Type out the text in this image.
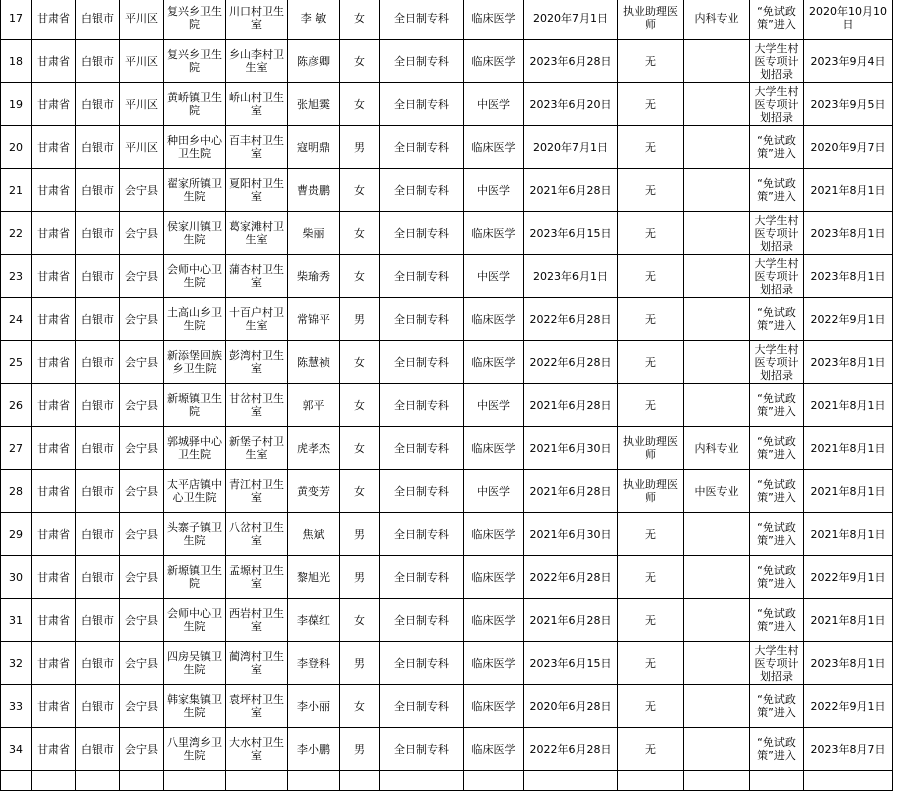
17	甘肃省	白银市	平川区	复兴乡卫生院	川口村卫生室	李 敏	女	全日制专科	临床医学	2020年7月1日	执业助理医师	内科专业	“免试政策”进入	2020年10月10日
18	甘肃省	白银市	平川区	复兴乡卫生院	乡山李村卫生室	陈彦卿	女	全日制专科	临床医学	2023年6月28日	无		大学生村医专项计划招录	2023年9月4日
19	甘肃省	白银市	平川区	黄峤镇卫生院	峤山村卫生室	张旭霙	女	全日制专科	中医学	2023年6月20日	无		大学生村医专项计划招录	2023年9月5日
20	甘肃省	白银市	平川区	种田乡中心卫生院	百丰村卫生室	寇明鼎	男	全日制专科	临床医学	2020年7月1日	无		“免试政策”进入	2020年9月7日
21	甘肃省	白银市	会宁县	翟家所镇卫生院	夏阳村卫生室	曹贵鹏	女	全日制专科	中医学	2021年6月28日	无		“免试政策”进入	2021年8月1日
22	甘肃省	白银市	会宁县	侯家川镇卫生院	葛家滩村卫生室	柴丽	女	全日制专科	临床医学	2023年6月15日	无		大学生村医专项计划招录	2023年8月1日
23	甘肃省	白银市	会宁县	会师中心卫生院	蒲杏村卫生室	柴瑜秀	女	全日制专科	中医学	2023年6月1日	无		大学生村医专项计划招录	2023年8月1日
24	甘肃省	白银市	会宁县	土高山乡卫生院	十百户村卫生室	常锦平	男	全日制专科	临床医学	2022年6月28日	无		“免试政策”进入	2022年9月1日
25	甘肃省	白银市	会宁县	新添堡回族乡卫生院	彭湾村卫生室	陈慧祯	女	全日制专科	临床医学	2022年6月28日	无		大学生村医专项计划招录	2023年8月1日
26	甘肃省	白银市	会宁县	新塬镇卫生院	甘岔村卫生室	郭平	女	全日制专科	中医学	2021年6月28日	无		“免试政策”进入	2021年8月1日
27	甘肃省	白银市	会宁县	郭城驿中心卫生院	新堡子村卫生室	虎孝杰	女	全日制专科	临床医学	2021年6月30日	执业助理医师	内科专业	“免试政策”进入	2021年8月1日
28	甘肃省	白银市	会宁县	太平店镇中心卫生院	青江村卫生室	黄变芳	女	全日制专科	中医学	2021年6月28日	执业助理医师	中医专业	“免试政策”进入	2021年8月1日
29	甘肃省	白银市	会宁县	头寨子镇卫生院	八岔村卫生室	焦斌	男	全日制专科	临床医学	2021年6月30日	无		“免试政策”进入	2021年8月1日
30	甘肃省	白银市	会宁县	新塬镇卫生院	孟塬村卫生室	黎旭光	男	全日制专科	临床医学	2022年6月28日	无		“免试政策”进入	2022年9月1日
31	甘肃省	白银市	会宁县	会师中心卫生院	西岩村卫生室	李葆红	女	全日制专科	临床医学	2021年6月28日	无		“免试政策”进入	2021年8月1日
32	甘肃省	白银市	会宁县	四房吴镇卫生院	蔺湾村卫生室	李登科	男	全日制专科	临床医学	2023年6月15日	无		大学生村医专项计划招录	2023年8月1日
33	甘肃省	白银市	会宁县	韩家集镇卫生院	袁坪村卫生室	李小丽	女	全日制专科	临床医学	2020年6月28日	无		“免试政策”进入	2022年9月1日
34	甘肃省	白银市	会宁县	八里湾乡卫生院	大水村卫生室	李小鹏	男	全日制专科	临床医学	2022年6月28日	无		“免试政策”进入	2023年8月7日
